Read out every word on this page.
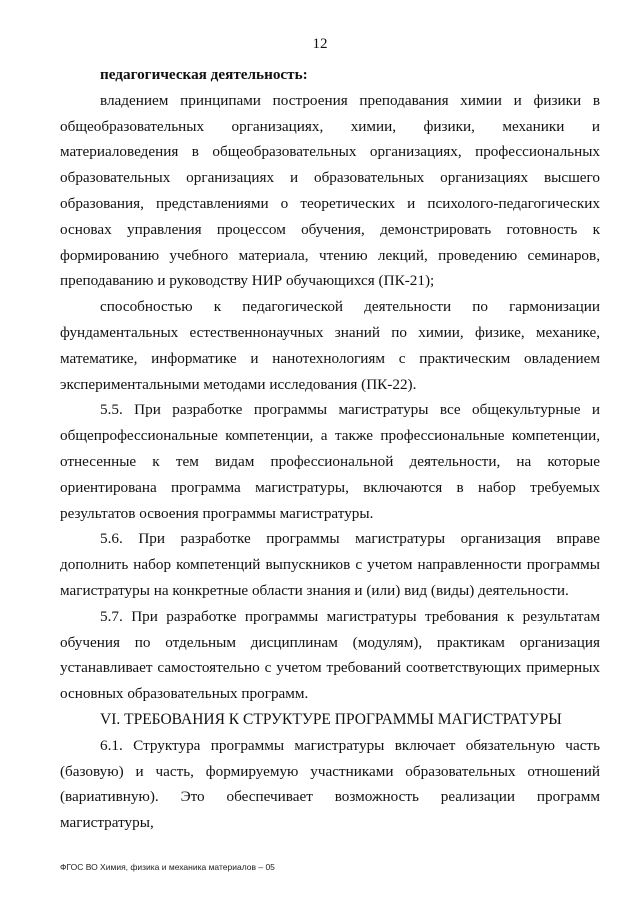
12

педагогическая деятельность:

владением принципами построения преподавания химии и физики в общеобразовательных организациях, химии, физики, механики и материаловедения в общеобразовательных организациях, профессиональных образовательных организациях и образовательных организациях высшего образования, представлениями о теоретических и психолого-педагогических основах управления процессом обучения, демонстрировать готовность к формированию учебного материала, чтению лекций, проведению семинаров, преподаванию и руководству НИР обучающихся (ПК-21);

способностью к педагогической деятельности по гармонизации фундаментальных естественнонаучных знаний по химии, физике, механике, математике, информатике и нанотехнологиям с практическим овладением экспериментальными методами исследования (ПК-22).

5.5. При разработке программы магистратуры все общекультурные и общепрофессиональные компетенции, а также профессиональные компетенции, отнесенные к тем видам профессиональной деятельности, на которые ориентирована программа магистратуры, включаются в набор требуемых результатов освоения программы магистратуры.

5.6. При разработке программы магистратуры организация вправе дополнить набор компетенций выпускников с учетом направленности программы магистратуры на конкретные области знания и (или) вид (виды) деятельности.

5.7. При разработке программы магистратуры требования к результатам обучения по отдельным дисциплинам (модулям), практикам организация устанавливает самостоятельно с учетом требований соответствующих примерных основных образовательных программ.

VI. ТРЕБОВАНИЯ К СТРУКТУРЕ ПРОГРАММЫ МАГИСТРАТУРЫ

6.1. Структура программы магистратуры включает обязательную часть (базовую) и часть, формируемую участниками образовательных отношений (вариативную). Это обеспечивает возможность реализации программ магистратуры,

ФГОС ВО Химия, физика и механика материалов – 05
